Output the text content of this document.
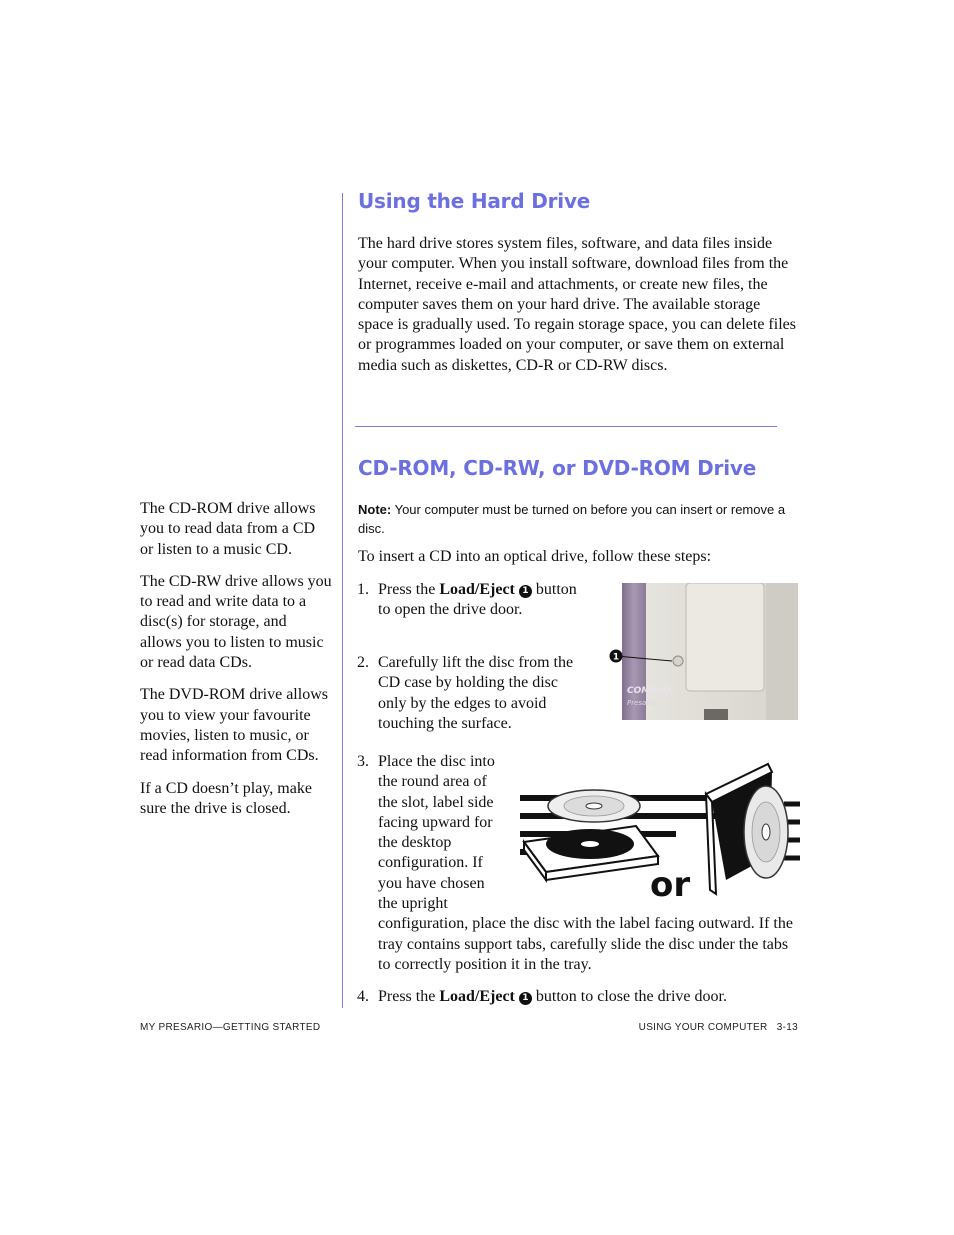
Using the Hard Drive

The hard drive stores system files, software, and data files inside your computer. When you install software, download files from the Internet, receive e-mail and attachments, or create new files, the computer saves them on your hard drive. The available storage space is gradually used. To regain storage space, you can delete files or programmes loaded on your computer, or save them on external media such as diskettes, CD-R or CD-RW discs.

CD-ROM, CD-RW, or DVD-ROM Drive

The CD-ROM drive allows you to read data from a CD or listen to a music CD.

The CD-RW drive allows you to read and write data to a disc(s) for storage, and allows you to listen to music or read data CDs.

The DVD-ROM drive allows you to view your favourite movies, listen to music, or read information from CDs.

If a CD doesn’t play, make sure the drive is closed.

Note: Your computer must be turned on before you can insert or remove a disc.

To insert a CD into an optical drive, follow these steps:

1. Press the Load/Eject 1 button to open the drive door.

1
COMPAQ
Presario
2. Carefully lift the disc from the CD case by holding the disc only by the edges to avoid touching the surface.

3. Place the disc into the round area of the slot, label side facing upward for the desktop configuration. If you have chosen the upright configuration, place the disc with the label facing outward. If the tray contains support tabs, carefully slide the disc under the tabs to correctly position it in the tray.
or
4. Press the Load/Eject 1 button to close the drive door.

MY PRESARIO—GETTING STARTED	USING YOUR COMPUTER 3-13
